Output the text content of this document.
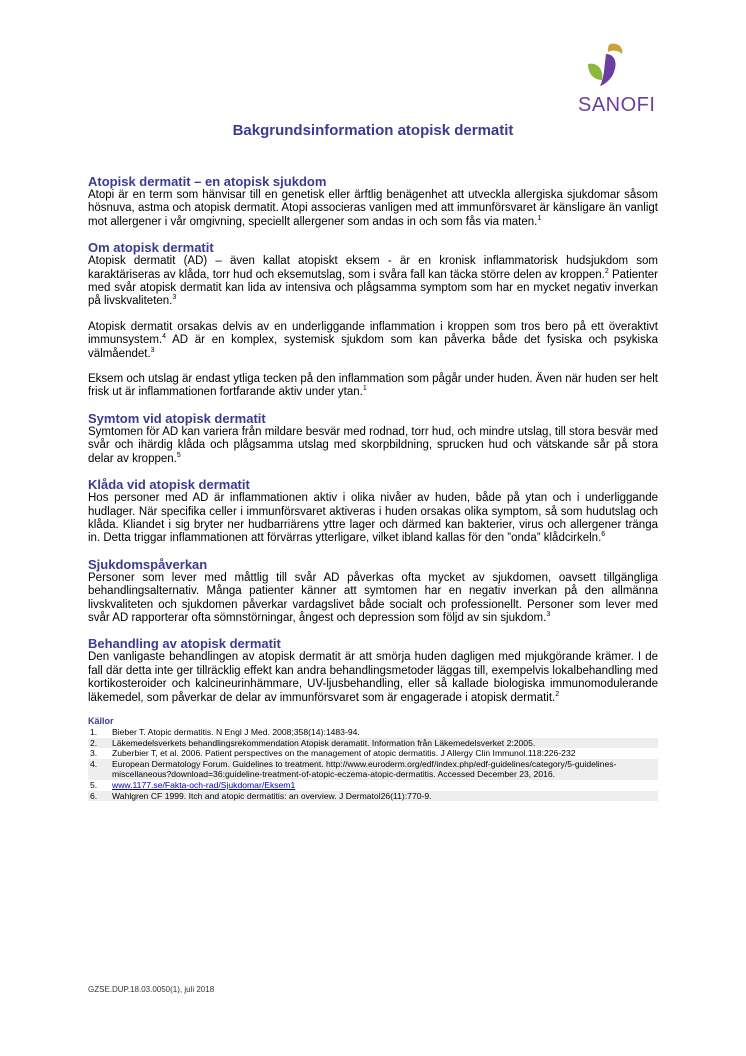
SANOFI
Bakgrundsinformation atopisk dermatit
Atopisk dermatit – en atopisk sjukdom

Atopi är en term som hänvisar till en genetisk eller ärftlig benägenhet att utveckla allergiska sjukdomar såsom hösnuva, astma och atopisk dermatit. Atopi associeras vanligen med att immunförsvaret är känsligare än vanligt mot allergener i vår omgivning, speciellt allergener som andas in och som fås via maten.$^1$

Om atopisk dermatit

Atopisk dermatit (AD) – även kallat atopiskt eksem - är en kronisk inflammatorisk hudsjukdom som karaktäriseras av klåda, torr hud och eksemutslag, som i svåra fall kan täcka större delen av kroppen.$^2$ Patienter med svår atopisk dermatit kan lida av intensiva och plågsamma symptom som har en mycket negativ inverkan på livskvaliteten.$^3$

Atopisk dermatit orsakas delvis av en underliggande inflammation i kroppen som tros bero på ett överaktivt immunsystem.$^4$ AD är en komplex, systemisk sjukdom som kan påverka både det fysiska och psykiska välmåendet.$^3$

Eksem och utslag är endast ytliga tecken på den inflammation som pågår under huden. Även när huden ser helt frisk ut är inflammationen fortfarande aktiv under ytan.$^1$

Symtom vid atopisk dermatit

Symtomen för AD kan variera från mildare besvär med rodnad, torr hud, och mindre utslag, till stora besvär med svår och ihärdig klåda och plågsamma utslag med skorpbildning, sprucken hud och vätskande sår på stora delar av kroppen.$^5$

Klåda vid atopisk dermatit

Hos personer med AD är inflammationen aktiv i olika nivåer av huden, både på ytan och i underliggande hudlager. När specifika celler i immunförsvaret aktiveras i huden orsakas olika symptom, så som hudutslag och klåda. Kliandet i sig bryter ner hudbarriärens yttre lager och därmed kan bakterier, virus och allergener tränga in. Detta triggar inflammationen att förvärras ytterligare, vilket ibland kallas för den ”onda” klådcirkeln.$^6$

Sjukdomspåverkan

Personer som lever med måttlig till svår AD påverkas ofta mycket av sjukdomen, oavsett tillgängliga behandlingsalternativ. Många patienter känner att symtomen har en negativ inverkan på den allmänna livskvaliteten och sjukdomen påverkar vardagslivet både socialt och professionellt. Personer som lever med svår AD rapporterar ofta sömnstörningar, ångest och depression som följd av sin sjukdom.$^3$

Behandling av atopisk dermatit

Den vanligaste behandlingen av atopisk dermatit är att smörja huden dagligen med mjukgörande krämer. I de fall där detta inte ger tillräcklig effekt kan andra behandlingsmetoder läggas till, exempelvis lokalbehandling med kortikosteroider och kalcineurinhämmare, UV-ljusbehandling, eller så kallade biologiska immunomodulerande läkemedel, som påverkar de delar av immunförsvaret som är engagerade i atopisk dermatit.$^2$

Källor
1. Bieber T. Atopic dermatitis. N Engl J Med. 2008;358(14):1483-94.
2. Läkemedelsverkets behandlingsrekommendation Atopisk deramatit. Information från Läkemedelsverket 2:2005.
3. Zuberbier T, et al. 2006. Patient perspectives on the management of atopic dermatitis. J Allergy Clin Immunol.118:226-232
4. European Dermatology Forum. Guidelines to treatment. http://www.euroderm.org/edf/index.php/edf-guidelines/category/5-guidelines-miscellaneous?download=36:guideline-treatment-of-atopic-eczema-atopic-dermatitis. Accessed December 23, 2016.
5. www.1177.se/Fakta-och-rad/Sjukdomar/Eksem1
6. Wahlgren CF 1999. Itch and atopic dermatitis: an overview. J Dermatol26(11):770-9.
GZSE.DUP.18.03.0050(1), juli 2018
